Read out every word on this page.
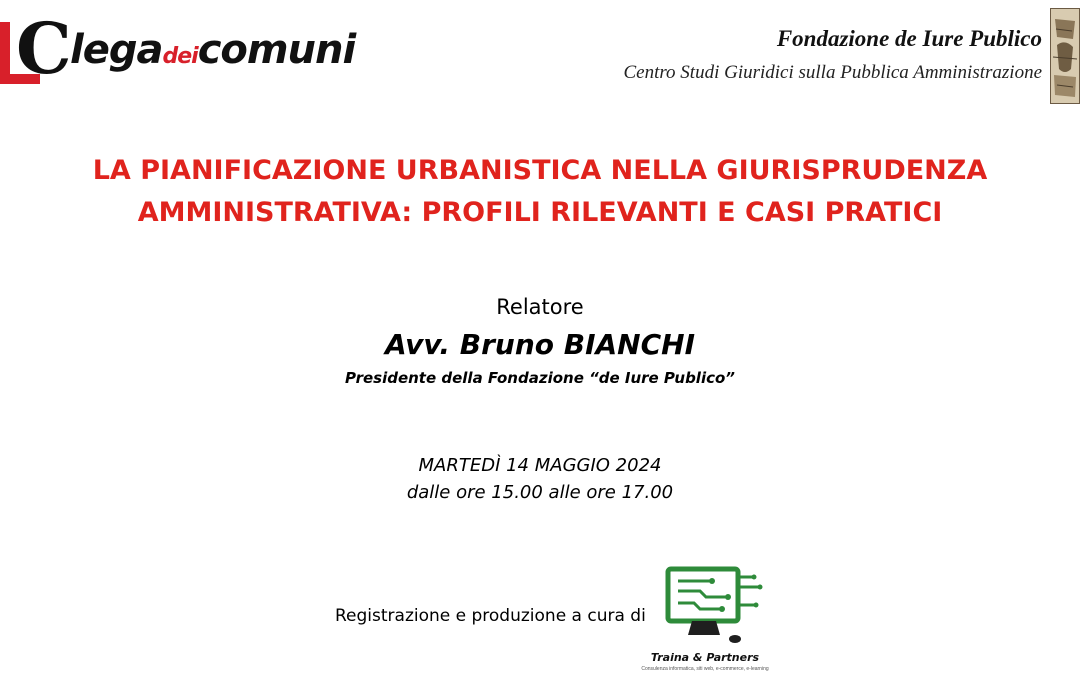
C
legadeicomuni	Fondazione de Iure Publico
Centro Studi Giuridici sulla Pubblica Amministrazione
LA PIANIFICAZIONE URBANISTICA NELLA GIURISPRUDENZA
AMMINISTRATIVA: PROFILI RILEVANTI E CASI PRATICI
Relatore
Avv. Bruno BIANCHI
Presidente della Fondazione “de Iure Publico”
MARTEDÌ 14 MAGGIO 2024
dalle ore 15.00 alle ore 17.00
Registrazione e produzione a cura di
Traina & Partners
Consulenza informatica, siti web, e-commerce, e-learning
